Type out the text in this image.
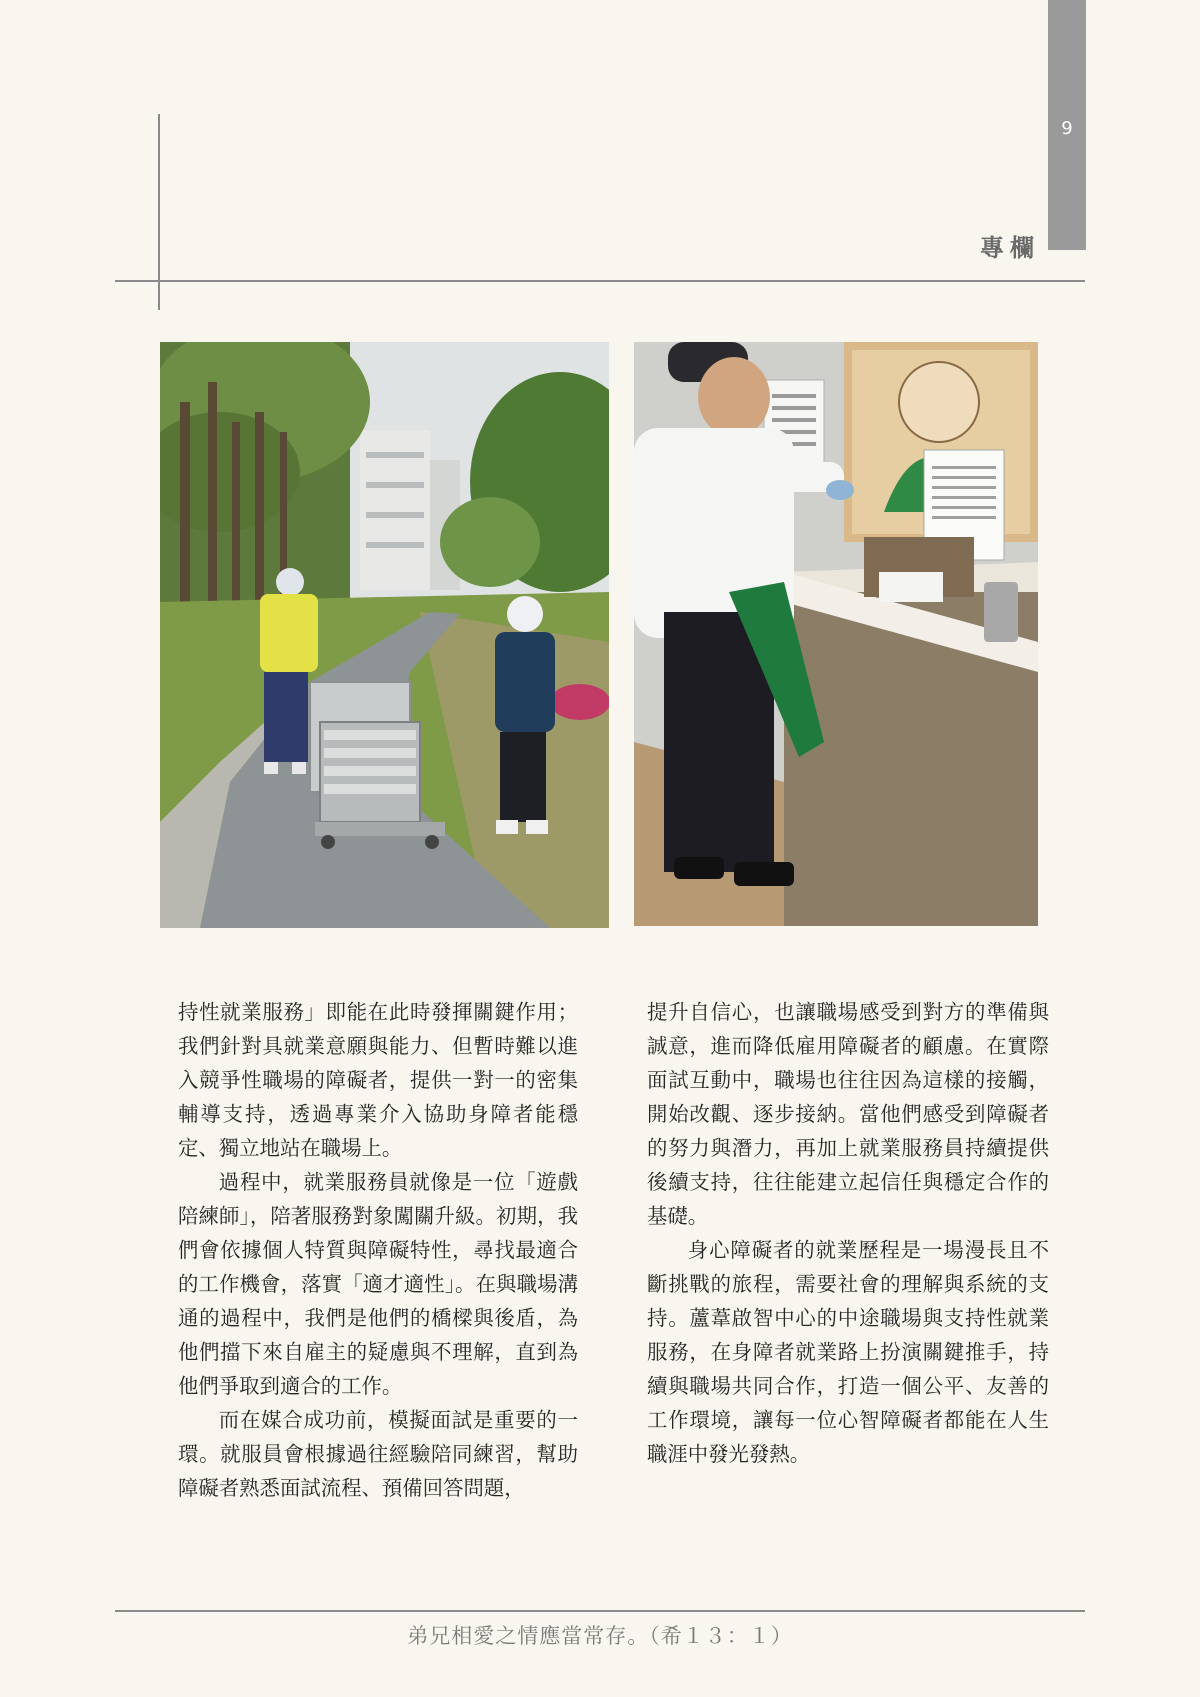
9
專欄

持性就業服務」即能在此時發揮關鍵作用；我們針對具就業意願與能力、但暫時難以進入競爭性職場的障礙者，提供一對一的密集輔導支持，透過專業介入協助身障者能穩定、獨立地站在職場上。

過程中，就業服務員就像是一位「遊戲陪練師」，陪著服務對象闖關升級。初期，我們會依據個人特質與障礙特性，尋找最適合的工作機會，落實「適才適性」。在與職場溝通的過程中，我們是他們的橋樑與後盾，為他們擋下來自雇主的疑慮與不理解，直到為他們爭取到適合的工作。

而在媒合成功前，模擬面試是重要的一環。就服員會根據過往經驗陪同練習，幫助障礙者熟悉面試流程、預備回答問題，

提升自信心，也讓職場感受到對方的準備與誠意，進而降低雇用障礙者的顧慮。在實際面試互動中，職場也往往因為這樣的接觸，開始改觀、逐步接納。當他們感受到障礙者的努力與潛力，再加上就業服務員持續提供後續支持，往往能建立起信任與穩定合作的基礎。

身心障礙者的就業歷程是一場漫長且不斷挑戰的旅程，需要社會的理解與系統的支持。蘆葦啟智中心的中途職場與支持性就業服務，在身障者就業路上扮演關鍵推手，持續與職場共同合作，打造一個公平、友善的工作環境，讓每一位心智障礙者都能在人生職涯中發光發熱。

弟兄相愛之情應當常存。（希１３：１）
